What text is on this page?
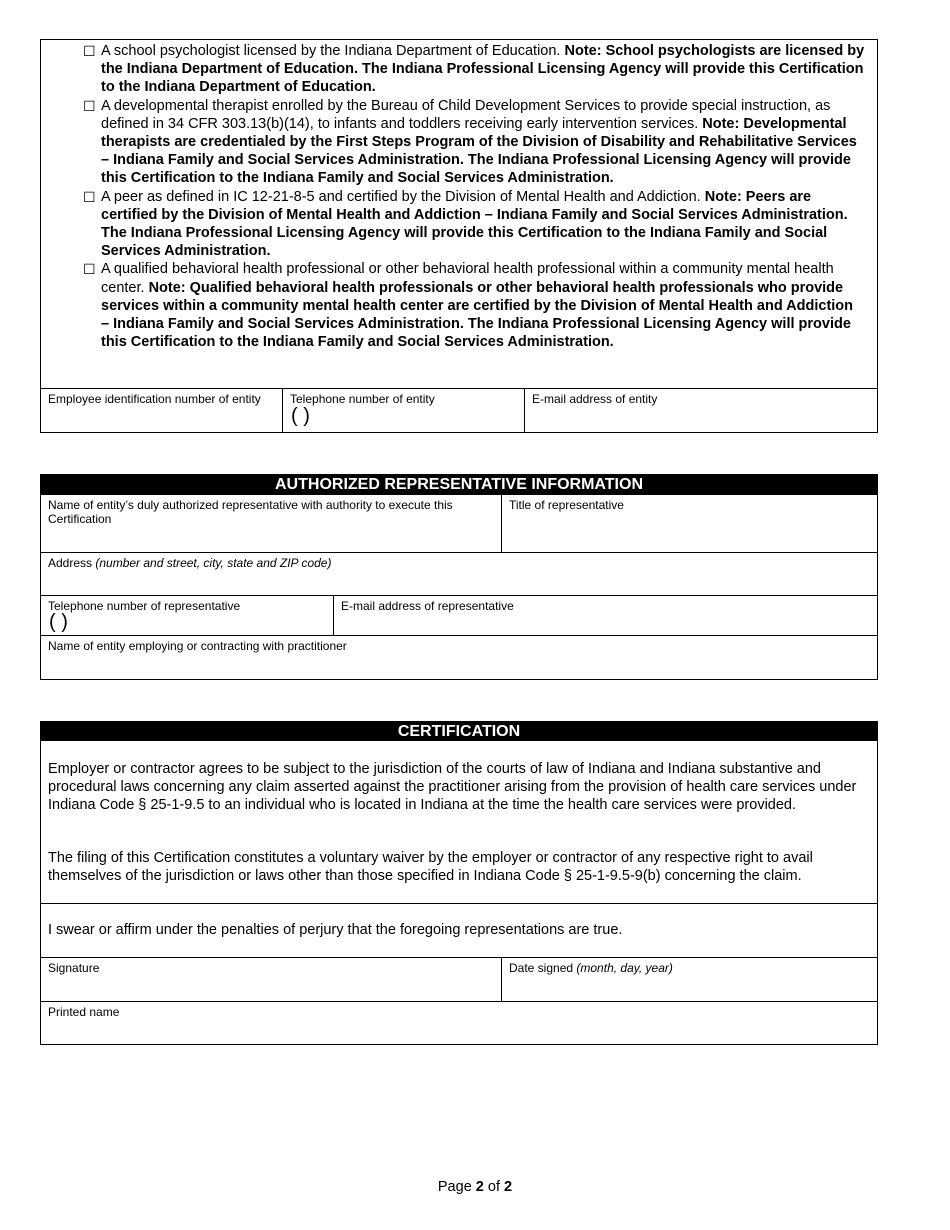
☐ A school psychologist licensed by the Indiana Department of Education. Note: School psychologists are licensed by the Indiana Department of Education. The Indiana Professional Licensing Agency will provide this Certification to the Indiana Department of Education.
☐ A developmental therapist enrolled by the Bureau of Child Development Services to provide special instruction, as defined in 34 CFR 303.13(b)(14), to infants and toddlers receiving early intervention services. Note: Developmental therapists are credentialed by the First Steps Program of the Division of Disability and Rehabilitative Services – Indiana Family and Social Services Administration. The Indiana Professional Licensing Agency will provide this Certification to the Indiana Family and Social Services Administration.
☐ A peer as defined in IC 12-21-8-5 and certified by the Division of Mental Health and Addiction. Note: Peers are certified by the Division of Mental Health and Addiction – Indiana Family and Social Services Administration. The Indiana Professional Licensing Agency will provide this Certification to the Indiana Family and Social Services Administration.
☐ A qualified behavioral health professional or other behavioral health professional within a community mental health center. Note: Qualified behavioral health professionals or other behavioral health professionals who provide services within a community mental health center are certified by the Division of Mental Health and Addiction – Indiana Family and Social Services Administration. The Indiana Professional Licensing Agency will provide this Certification to the Indiana Family and Social Services Administration.
Employee identification number of entity Telephone number of entity
( )
E-mail address of entity
AUTHORIZED REPRESENTATIVE INFORMATION
Name of entity’s duly authorized representative with authority to execute this Certification
Title of representative
Address (number and street, city, state and ZIP code)
Telephone number of representative
( )
E-mail address of representative
Name of entity employing or contracting with practitioner
CERTIFICATION
Employer or contractor agrees to be subject to the jurisdiction of the courts of law of Indiana and Indiana substantive and procedural laws concerning any claim asserted against the practitioner arising from the provision of health care services under Indiana Code § 25-1-9.5 to an individual who is located in Indiana at the time the health care services were provided.
The filing of this Certification constitutes a voluntary waiver by the employer or contractor of any respective right to avail themselves of the jurisdiction or laws other than those specified in Indiana Code § 25-1-9.5-9(b) concerning the claim.
I swear or affirm under the penalties of perjury that the foregoing representations are true.
Signature	Date signed (month, day, year)
Printed name
Page 2 of 2
